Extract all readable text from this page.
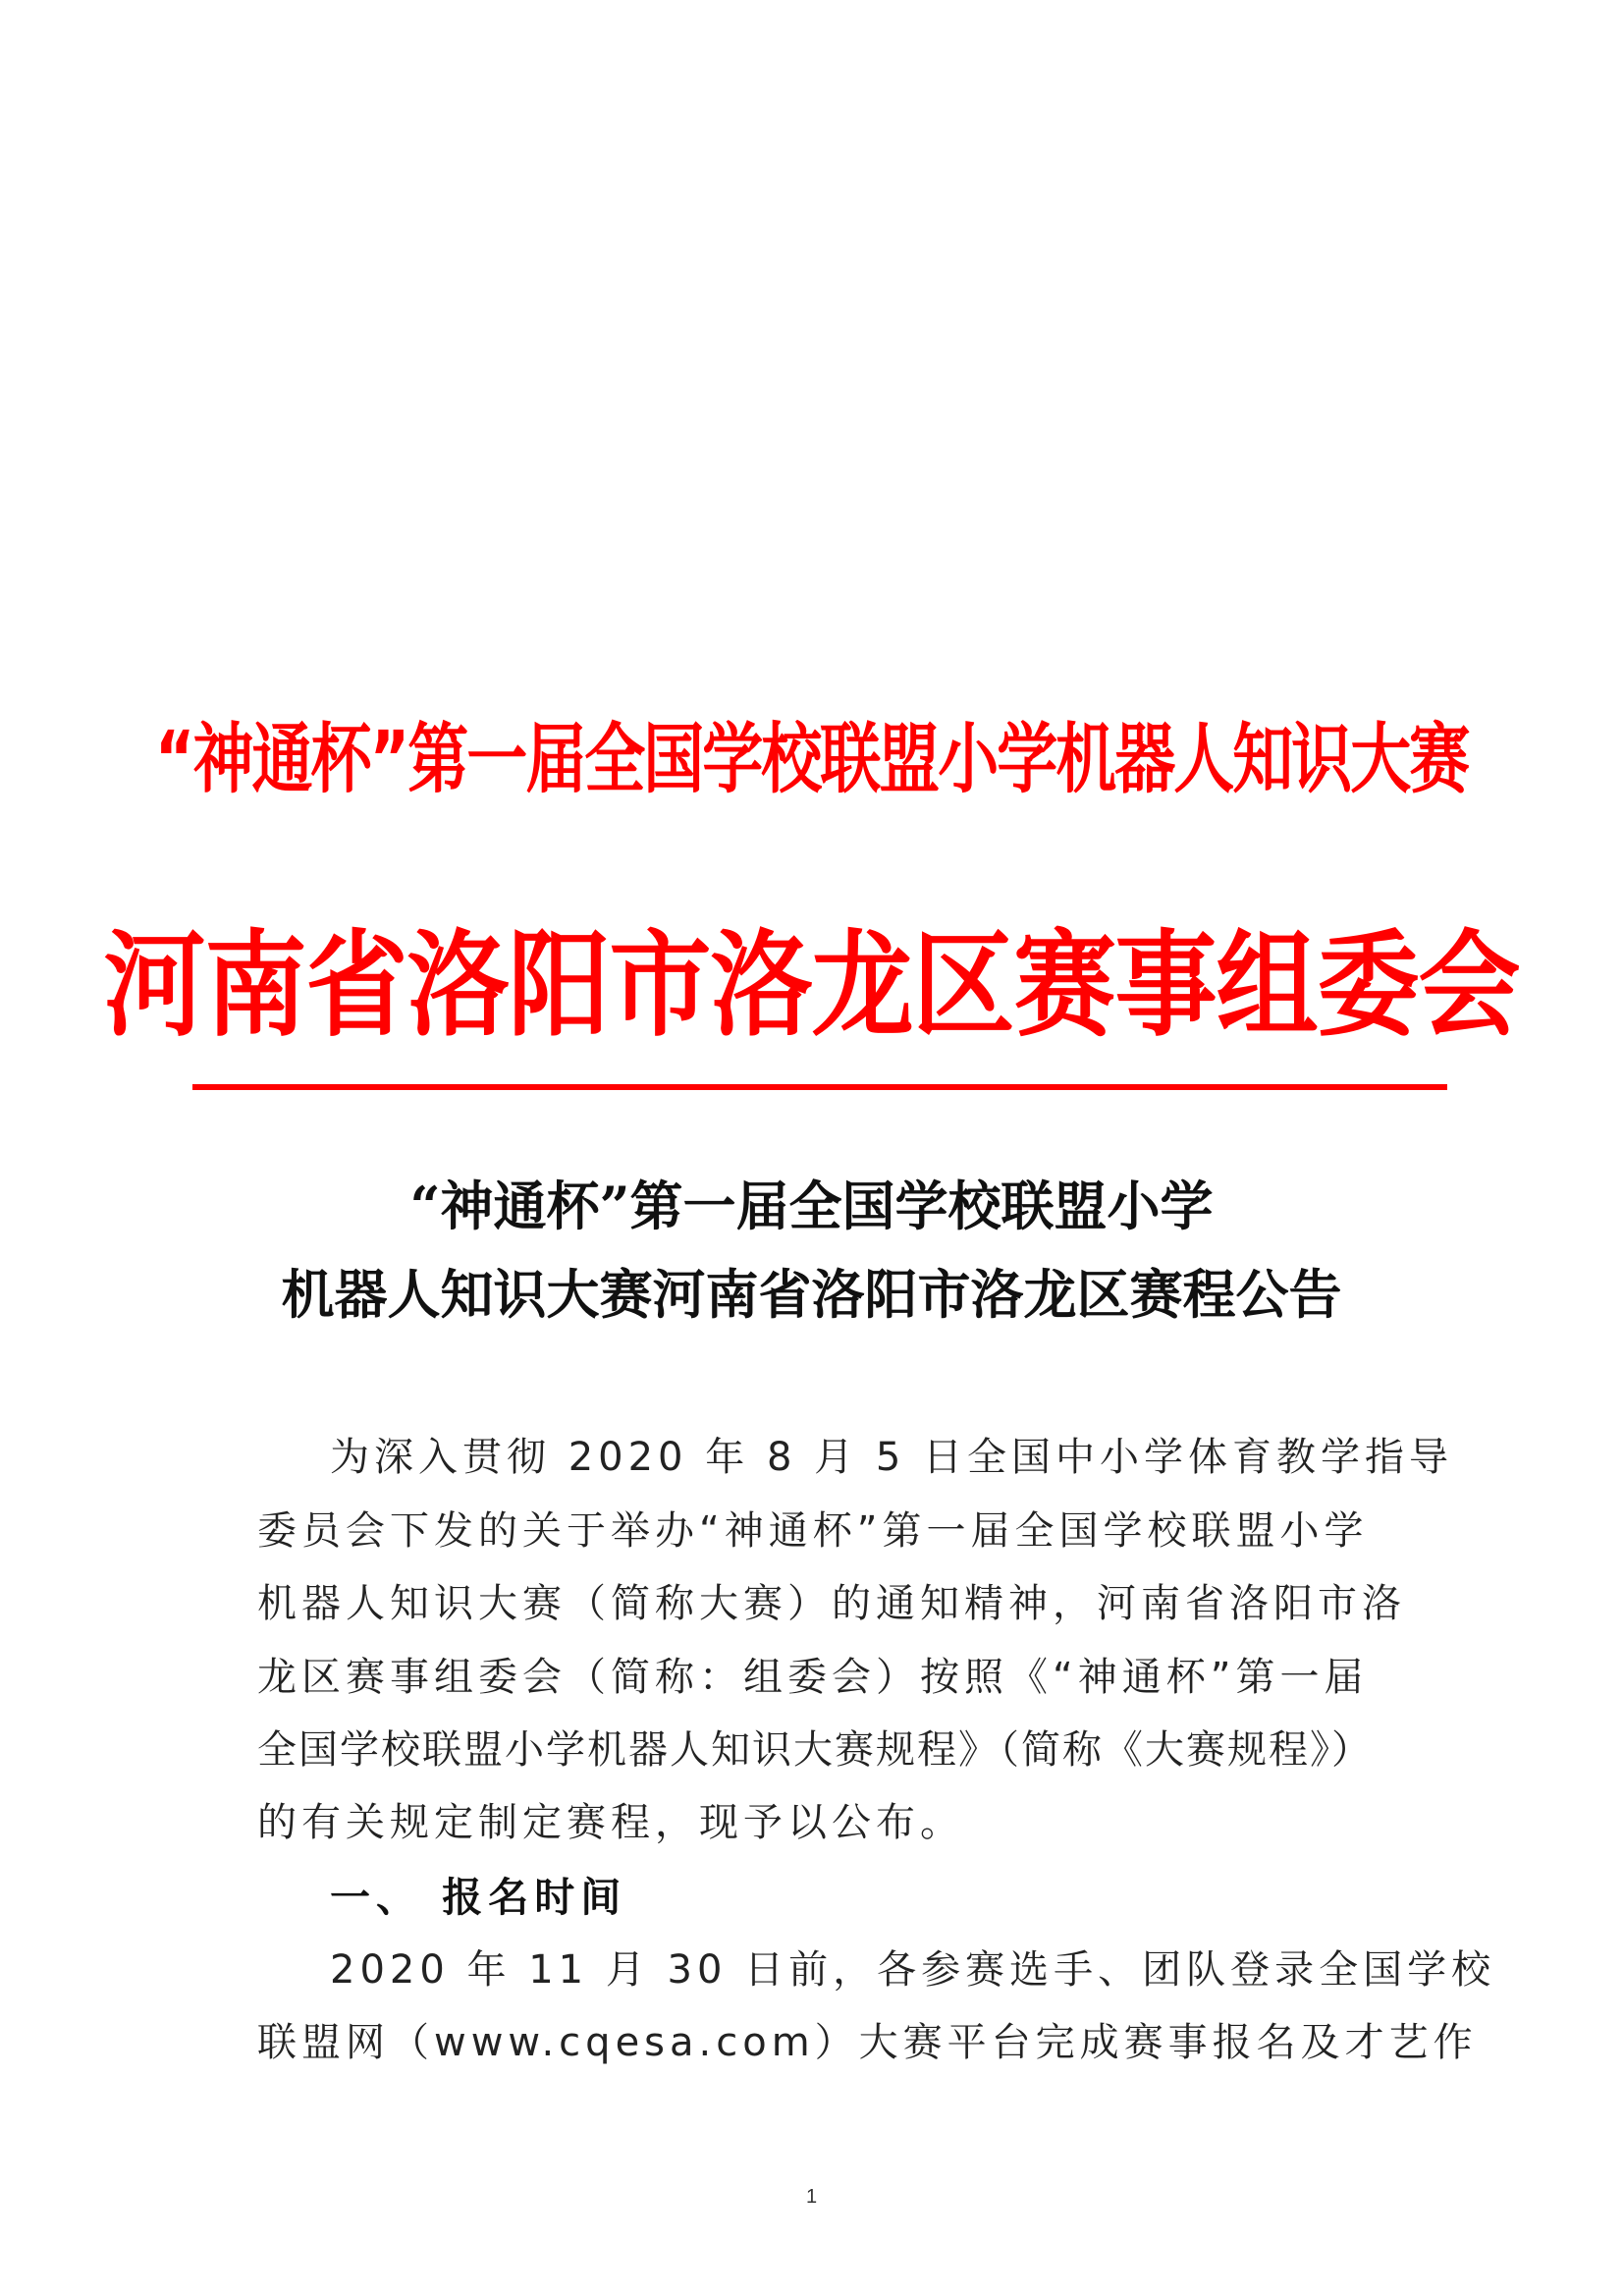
“神通杯”第一届全国学校联盟小学机器人知识大赛
河南省洛阳市洛龙区赛事组委会
“神通杯”第一届全国学校联盟小学
机器人知识大赛河南省洛阳市洛龙区赛程公告
为深入贯彻 2020 年 8 月 5 日全国中小学体育教学指导
委员会下发的关于举办“神通杯”第一届全国学校联盟小学
机器人知识大赛（简称大赛）的通知精神，河南省洛阳市洛
龙区赛事组委会（简称：组委会）按照《“神通杯”第一届
全国学校联盟小学机器人知识大赛规程》（简称《大赛规程》）
的有关规定制定赛程，现予以公布。
一、 报名时间
2020 年 11 月 30 日前，各参赛选手、团队登录全国学校
联盟网（www.cqesa.com）大赛平台完成赛事报名及才艺作
1
